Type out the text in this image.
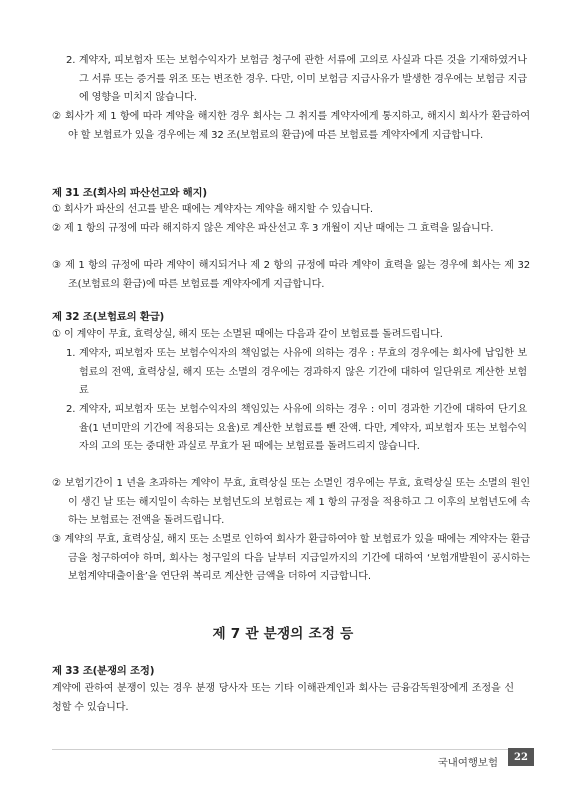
2. 계약자, 피보험자 또는 보험수익자가 보험금 청구에 관한 서류에 고의로 사실과 다른 것을 기재하였거나 그 서류 또는 증거를 위조 또는 변조한 경우. 다만, 이미 보험금 지급사유가 발생한 경우에는 보험금 지급에 영향을 미치지 않습니다.

② 회사가 제 1 항에 따라 계약을 해지한 경우 회사는 그 취지를 계약자에게 통지하고, 해지시 회사가 환급하여야 할 보험료가 있을 경우에는 제 32 조(보험료의 환급)에 따른 보험료를 계약자에게 지급합니다.

제 31 조(회사의 파산선고와 해지)

① 회사가 파산의 선고를 받은 때에는 계약자는 계약을 해지할 수 있습니다.

② 제 1 항의 규정에 따라 해지하지 않은 계약은 파산선고 후 3 개월이 지난 때에는 그 효력을 잃습니다.

③ 제 1 항의 규정에 따라 계약이 해지되거나 제 2 항의 규정에 따라 계약이 효력을 잃는 경우에 회사는 제 32 조(보험료의 환급)에 따른 보험료를 계약자에게 지급합니다.

제 32 조(보험료의 환급)

① 이 계약이 무효, 효력상실, 해지 또는 소멸된 때에는 다음과 같이 보험료를 돌려드립니다.

1. 계약자, 피보험자 또는 보험수익자의 책임없는 사유에 의하는 경우 : 무효의 경우에는 회사에 납입한 보험료의 전액, 효력상실, 해지 또는 소멸의 경우에는 경과하지 않은 기간에 대하여 일단위로 계산한 보험료

2. 계약자, 피보험자 또는 보험수익자의 책임있는 사유에 의하는 경우 : 이미 경과한 기간에 대하여 단기요율(1 년미만의 기간에 적용되는 요율)로 계산한 보험료를 뺀 잔액. 다만, 계약자, 피보험자 또는 보험수익자의 고의 또는 중대한 과실로 무효가 된 때에는 보험료를 돌려드리지 않습니다.

② 보험기간이 1 년을 초과하는 계약이 무효, 효력상실 또는 소멸인 경우에는 무효, 효력상실 또는 소멸의 원인이 생긴 날 또는 해지일이 속하는 보험년도의 보험료는 제 1 항의 규정을 적용하고 그 이후의 보험년도에 속하는 보험료는 전액을 돌려드립니다.

③ 계약의 무효, 효력상실, 해지 또는 소멸로 인하여 회사가 환급하여야 할 보험료가 있을 때에는 계약자는 환급금을 청구하여야 하며, 회사는 청구일의 다음 날부터 지급일까지의 기간에 대하여 ‘보험개발원이 공시하는 보험계약대출이율’을 연단위 복리로 계산한 금액을 더하여 지급합니다.

제 7 관 분쟁의 조정 등
제 33 조(분쟁의 조정)

계약에 관하여 분쟁이 있는 경우 분쟁 당사자 또는 기타 이해관계인과 회사는 금융감독원장에게 조정을 신청할 수 있습니다.

국내여행보험	22
